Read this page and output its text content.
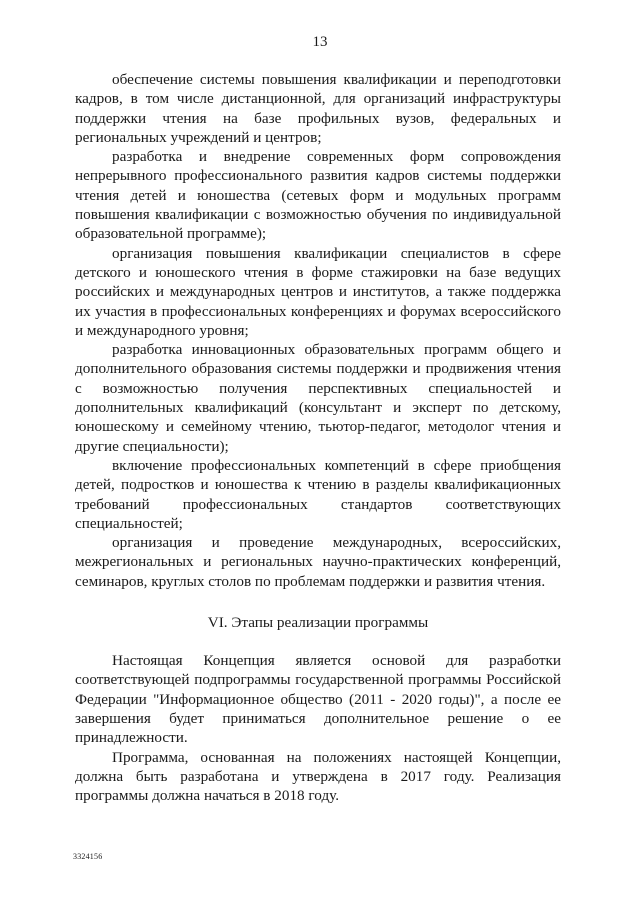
13

обеспечение системы повышения квалификации и переподготовки кадров, в том числе дистанционной, для организаций инфраструктуры поддержки чтения на базе профильных вузов, федеральных и региональных учреждений и центров;

разработка и внедрение современных форм сопровождения непрерывного профессионального развития кадров системы поддержки чтения детей и юношества (сетевых форм и модульных программ повышения квалификации с возможностью обучения по индивидуальной образовательной программе);

организация повышения квалификации специалистов в сфере детского и юношеского чтения в форме стажировки на базе ведущих российских и международных центров и институтов, а также поддержка их участия в профессиональных конференциях и форумах всероссийского и международного уровня;

разработка инновационных образовательных программ общего и дополнительного образования системы поддержки и продвижения чтения с возможностью получения перспективных специальностей и дополнительных квалификаций (консультант и эксперт по детскому, юношескому и семейному чтению, тьютор-педагог, методолог чтения и другие специальности);

включение профессиональных компетенций в сфере приобщения детей, подростков и юношества к чтению в разделы квалификационных требований профессиональных стандартов соответствующих специальностей;

организация и проведение международных, всероссийских, межрегиональных и региональных научно-практических конференций, семинаров, круглых столов по проблемам поддержки и развития чтения.

VI. Этапы реализации программы

Настоящая Концепция является основой для разработки соответствующей подпрограммы государственной программы Российской Федерации "Информационное общество (2011 - 2020 годы)", а после ее завершения будет приниматься дополнительное решение о ее принадлежности.

Программа, основанная на положениях настоящей Концепции, должна быть разработана и утверждена в 2017 году. Реализация программы должна начаться в 2018 году.

3324156
